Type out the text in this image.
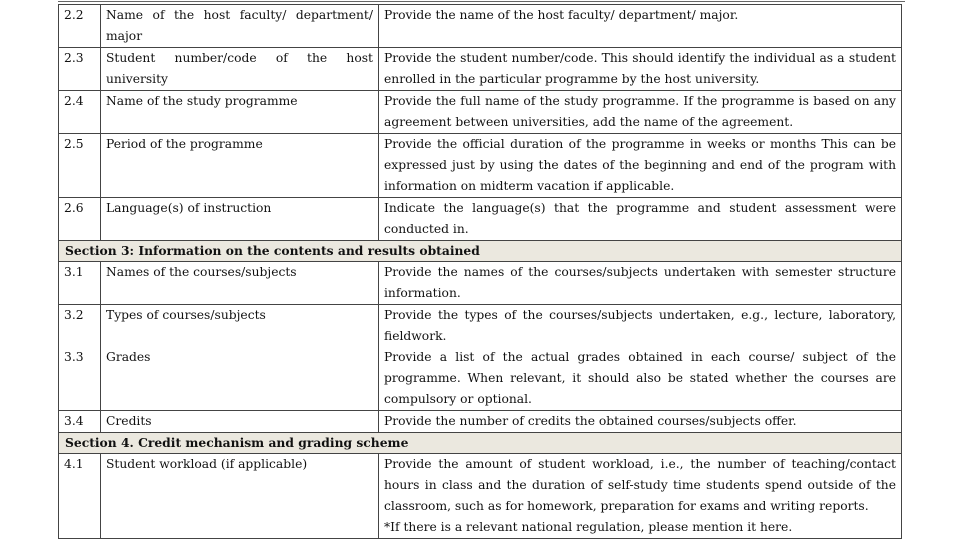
2.2	Name of the host faculty/ department/ major	Provide the name of the host faculty/ department/ major.
2.3	Student number/code of the host university	Provide the student number/code. This should identify the individual as a student enrolled in the particular programme by the host university.
2.4	Name of the study programme	Provide the full name of the study programme. If the programme is based on any agreement between universities, add the name of the agreement.
2.5	Period of the programme	Provide the official duration of the programme in weeks or months This can be expressed just by using the dates of the beginning and end of the program with information on midterm vacation if applicable.
2.6	Language(s) of instruction	Indicate the language(s) that the programme and student assessment were conducted in.
Section 3: Information on the contents and results obtained		
3.1	Names of the courses/subjects	Provide the names of the courses/subjects undertaken with semester structure information.
3.2	Types of courses/subjects	Provide the types of the courses/subjects undertaken, e.g., lecture, laboratory, fieldwork.
3.3	Grades	Provide a list of the actual grades obtained in each course/ subject of the programme. When relevant, it should also be stated whether the courses are compulsory or optional.
3.4	Credits	Provide the number of credits the obtained courses/subjects offer.
Section 4. Credit mechanism and grading scheme		
4.1	Student workload (if applicable)	Provide the amount of student workload, i.e., the number of teaching/contact hours in class and the duration of self-study time students spend outside of the classroom, such as for homework, preparation for exams and writing reports.
*If there is a relevant national regulation, please mention it here.
